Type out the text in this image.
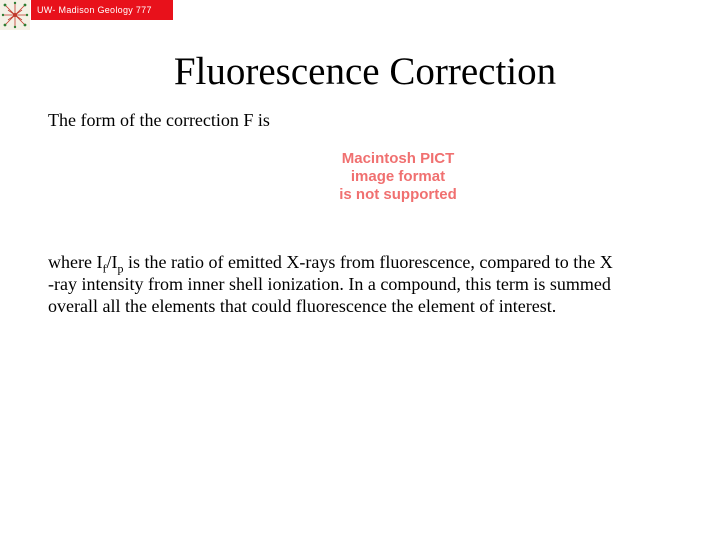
UW- Madison Geology 777
Fluorescence Correction
The form of the correction F is
Macintosh PICT
image format
is not supported
where $I_f/I_p$ is the ratio of emitted X-rays from fluorescence, compared to the X
-ray intensity from inner shell ionization. In a compound, this term is summed
overall all the elements that could fluorescence the element of interest.
